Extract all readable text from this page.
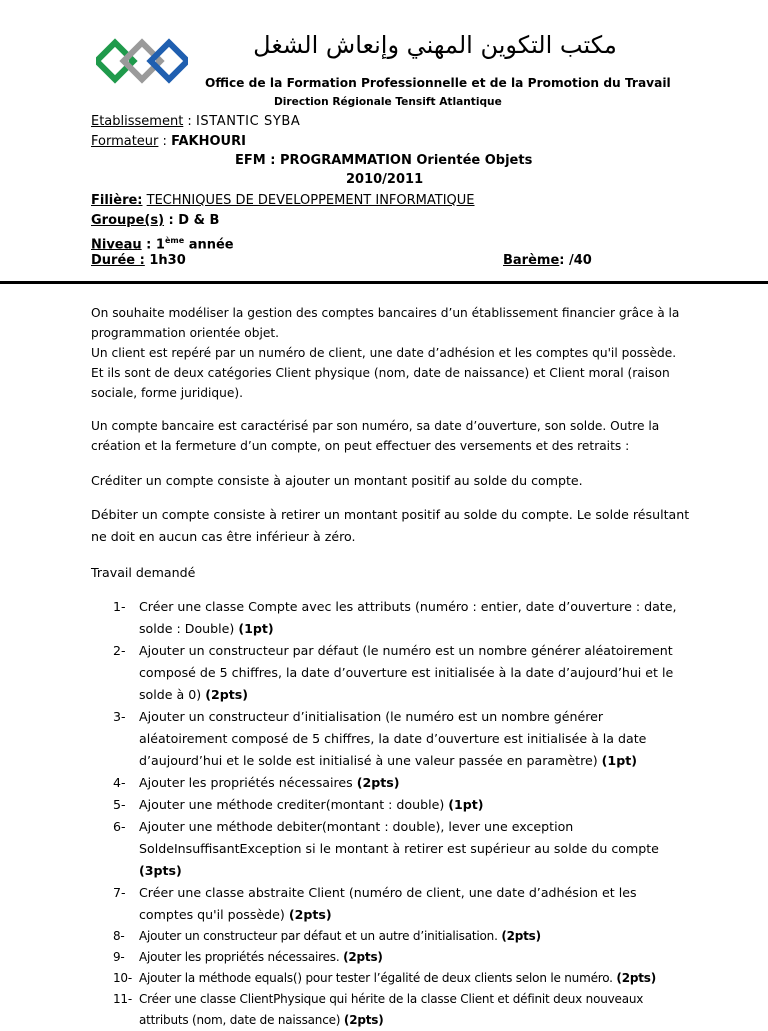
مكتب التكوين المهني وإنعاش الشغل
Office de la Formation Professionnelle et de la Promotion du Travail
Direction Régionale Tensift Atlantique
Etablissement : ISTANTIC SYBA
Formateur : FAKHOURI
EFM : PROGRAMMATION Orientée Objets
2010/2011
Filière: TECHNIQUES DE DEVELOPPEMENT INFORMATIQUE
Groupe(s) : D & B
Niveau : 1ème année
Durée : 1h30	Barème: /40

On souhaite modéliser la gestion des comptes bancaires d’un établissement financier grâce à la programmation orientée objet.

Un client est repéré par un numéro de client, une date d’adhésion et les comptes qu'il possède. Et ils sont de deux catégories Client physique (nom, date de naissance) et Client moral (raison sociale, forme juridique).

Un compte bancaire est caractérisé par son numéro, sa date d’ouverture, son solde. Outre la création et la fermeture d’un compte, on peut effectuer des versements et des retraits :

Créditer un compte consiste à ajouter un montant positif au solde du compte.

Débiter un compte consiste à retirer un montant positif au solde du compte. Le solde résultant ne doit en aucun cas être inférieur à zéro.

Travail demandé

1-	Créer une classe Compte avec les attributs (numéro : entier, date d’ouverture : date, solde : Double) (1pt)
2-	Ajouter un constructeur par défaut (le numéro est un nombre générer aléatoirement composé de 5 chiffres, la date d’ouverture est initialisée à la date d’aujourd’hui et le solde à 0) (2pts)
3-	Ajouter un constructeur d’initialisation (le numéro est un nombre générer aléatoirement composé de 5 chiffres, la date d’ouverture est initialisée à la date d’aujourd’hui et le solde est initialisé à une valeur passée en paramètre) (1pt)
4-	Ajouter les propriétés nécessaires (2pts)
5-	Ajouter une méthode crediter(montant : double) (1pt)
6-	Ajouter une méthode debiter(montant : double), lever une exception SoldeInsuffisantException si le montant à retirer est supérieur au solde du compte (3pts)
7-	Créer une classe abstraite Client (numéro de client, une date d’adhésion et les comptes qu'il possède) (2pts)
8-	Ajouter un constructeur par défaut et un autre d’initialisation. (2pts)
9-	Ajouter les propriétés nécessaires. (2pts)
10- Ajouter la méthode equals() pour tester l’égalité de deux clients selon le numéro. (2pts)
11- Créer une classe ClientPhysique qui hérite de la classe Client et définit deux nouveaux attributs (nom, date de naissance) (2pts)
